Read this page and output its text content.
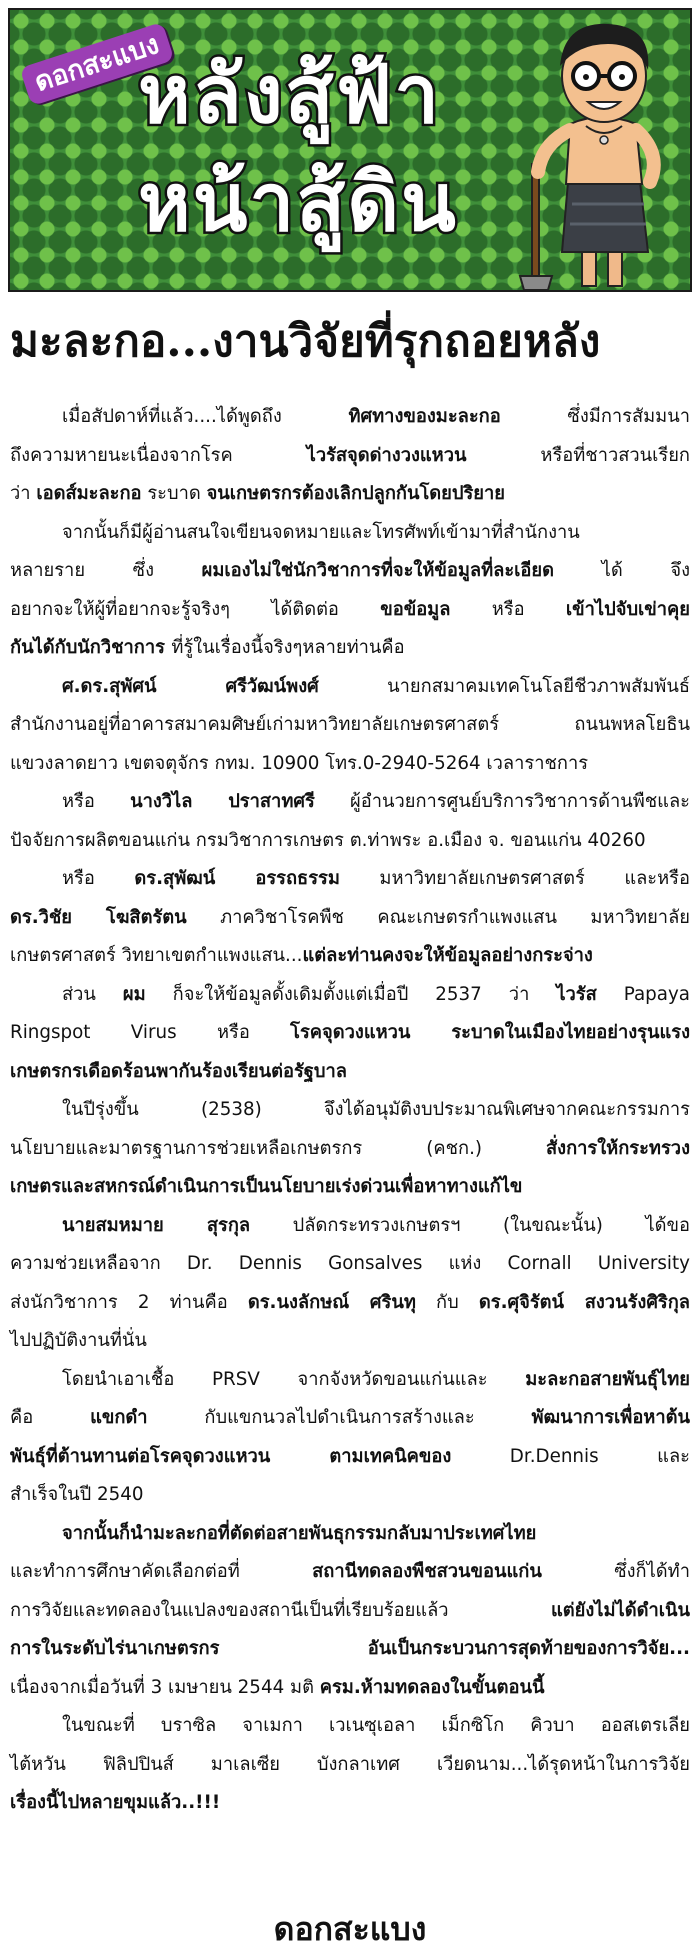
ดอกสะแบง
หลังสู้ฟ้า
หน้าสู้ดิน
มะละกอ...งานวิจัยที่รุกถอยหลัง
เมื่อสัปดาห์ที่แล้ว....ได้พูดถึง ทิศทางของมะละกอ ซึ่งมีการสัมมนา
ถึงความหายนะเนื่องจากโรค ไวรัสจุดด่างวงแหวน หรือที่ชาวสวนเรียก
ว่า เอดส์มะละกอ ระบาด จนเกษตรกรต้องเลิกปลูกกันโดยปริยาย
จากนั้นก็มีผู้อ่านสนใจเขียนจดหมายและโทรศัพท์เข้ามาที่สำนักงาน
หลายราย ซึ่ง ผมเองไม่ใช่นักวิชาการที่จะให้ข้อมูลที่ละเอียด ได้ จึง
อยากจะให้ผู้ที่อยากจะรู้จริงๆ ได้ติดต่อ ขอข้อมูล หรือ เข้าไปจับเข่าคุย
กันได้กับนักวิชาการ ที่รู้ในเรื่องนี้จริงๆหลายท่านคือ
ศ.ดร.สุพัศน์ ศรีวัฒน์พงศ์ นายกสมาคมเทคโนโลยีชีวภาพสัมพันธ์
สำนักงานอยู่ที่อาคารสมาคมศิษย์เก่ามหาวิทยาลัยเกษตรศาสตร์ ถนนพหลโยธิน
แขวงลาดยาว เขตจตุจักร กทม. 10900 โทร.0-2940-5264 เวลาราชการ
หรือ นางวิไล ปราสาทศรี ผู้อำนวยการศูนย์บริการวิชาการด้านพืชและ
ปัจจัยการผลิตขอนแก่น กรมวิชาการเกษตร ต.ท่าพระ อ.เมือง จ. ขอนแก่น 40260
หรือ ดร.สุพัฒน์ อรรถธรรม มหาวิทยาลัยเกษตรศาสตร์ และหรือ
ดร.วิชัย โฆสิตรัตน ภาควิชาโรคพืช คณะเกษตรกำแพงแสน มหาวิทยาลัย
เกษตรศาสตร์ วิทยาเขตกำแพงแสน...แต่ละท่านคงจะให้ข้อมูลอย่างกระจ่าง
ส่วน ผม ก็จะให้ข้อมูลดั้งเดิมตั้งแต่เมื่อปี 2537 ว่า ไวรัส Papaya
Ringspot Virus หรือ โรคจุดวงแหวน ระบาดในเมืองไทยอย่างรุนแรง
เกษตรกรเดือดร้อนพากันร้องเรียนต่อรัฐบาล
ในปีรุ่งขึ้น (2538) จึงได้อนุมัติงบประมาณพิเศษจากคณะกรรมการ
นโยบายและมาตรฐานการช่วยเหลือเกษตรกร (คชก.) สั่งการให้กระทรวง
เกษตรและสหกรณ์ดำเนินการเป็นนโยบายเร่งด่วนเพื่อหาทางแก้ไข
นายสมหมาย สุรกุล ปลัดกระทรวงเกษตรฯ (ในขณะนั้น) ได้ขอ
ความช่วยเหลือจาก Dr. Dennis Gonsalves แห่ง Cornall University
ส่งนักวิชาการ 2 ท่านคือ ดร.นงลักษณ์ ศรินทุ กับ ดร.ศุจิรัตน์ สงวนรังศิริกุล
ไปปฏิบัติงานที่นั่น
โดยนำเอาเชื้อ PRSV จากจังหวัดขอนแก่นและ มะละกอสายพันธุ์ไทย
คือ แขกดำ กับแขกนวลไปดำเนินการสร้างและ พัฒนาการเพื่อหาต้น
พันธุ์ที่ต้านทานต่อโรคจุดวงแหวน ตามเทคนิคของ Dr.Dennis และ
สำเร็จในปี 2540
จากนั้นก็นำมะละกอที่ตัดต่อสายพันธุกรรมกลับมาประเทศไทย
และทำการศึกษาคัดเลือกต่อที่ สถานีทดลองพืชสวนขอนแก่น ซึ่งก็ได้ทำ
การวิจัยและทดลองในแปลงของสถานีเป็นที่เรียบร้อยแล้ว แต่ยังไม่ได้ดำเนิน
การในระดับไร่นาเกษตรกร อันเป็นกระบวนการสุดท้ายของการวิจัย...
เนื่องจากเมื่อวันที่ 3 เมษายน 2544 มติ ครม.ห้ามทดลองในขั้นตอนนี้
ในขณะที่ บราซิล จาเมกา เวเนซุเอลา เม็กซิโก คิวบา ออสเตรเลีย
ไต้หวัน ฟิลิปปินส์ มาเลเซีย บังกลาเทศ เวียดนาม...ได้รุดหน้าในการวิจัย
เรื่องนี้ไปหลายขุมแล้ว..!!!
ดอกสะแบง
